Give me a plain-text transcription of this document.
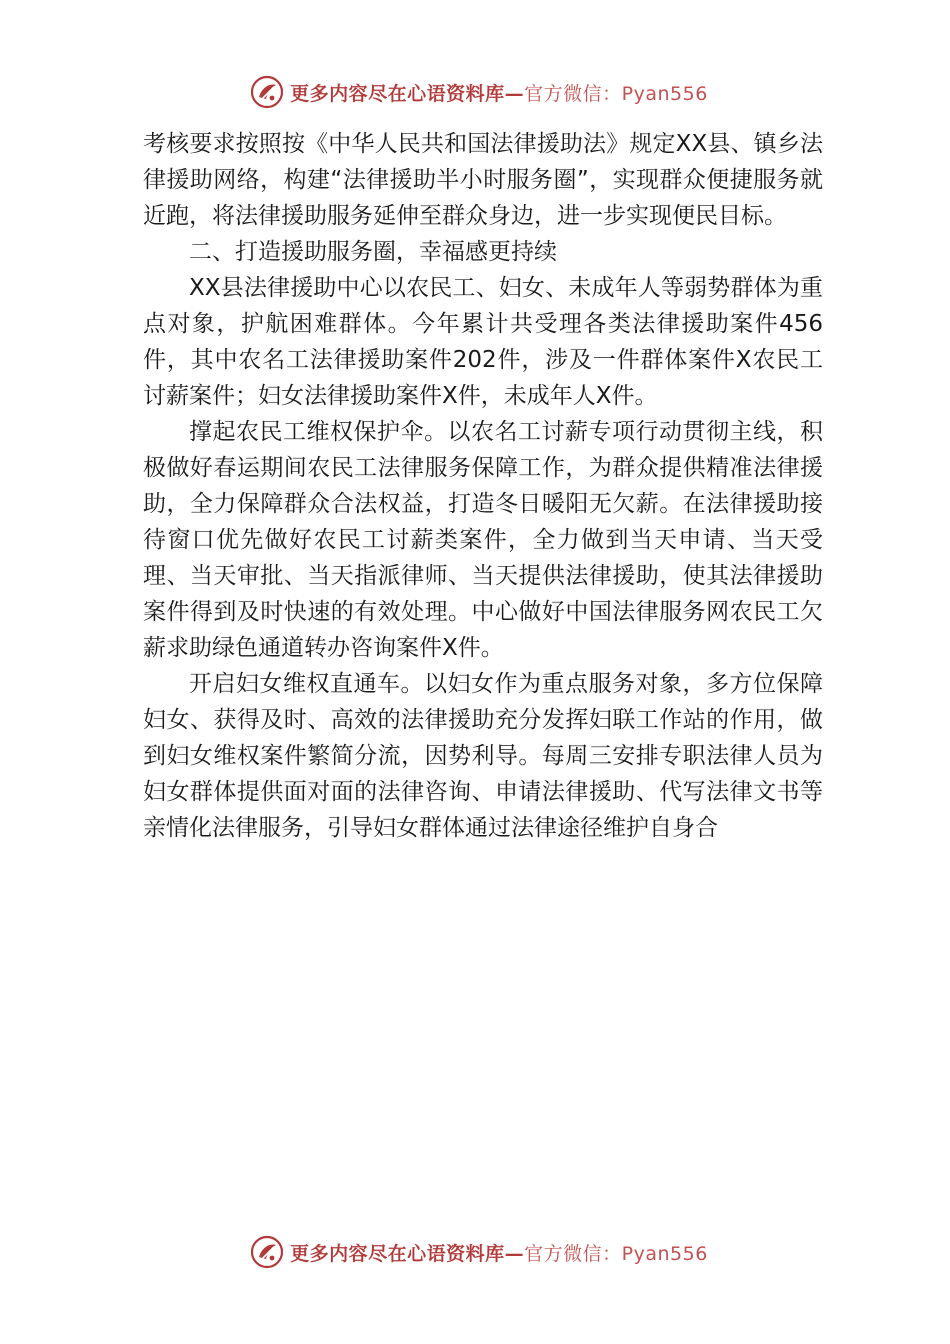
更多内容尽在心语资料库—官方微信：Pyan556

考核要求按照按《中华人民共和国法律援助法》规定XX县、镇乡法律援助网络，构建“法律援助半小时服务圈”，实现群众便捷服务就近跑，将法律援助服务延伸至群众身边，进一步实现便民目标。

二、打造援助服务圈，幸福感更持续

XX县法律援助中心以农民工、妇女、未成年人等弱势群体为重点对象，护航困难群体。今年累计共受理各类法律援助案件456件，其中农名工法律援助案件202件，涉及一件群体案件X农民工讨薪案件；妇女法律援助案件X件，未成年人X件。

撑起农民工维权保护伞。以农名工讨薪专项行动贯彻主线，积极做好春运期间农民工法律服务保障工作，为群众提供精准法律援助，全力保障群众合法权益，打造冬日暖阳无欠薪。在法律援助接待窗口优先做好农民工讨薪类案件，全力做到当天申请、当天受理、当天审批、当天指派律师、当天提供法律援助，使其法律援助案件得到及时快速的有效处理。中心做好中国法律服务网农民工欠薪求助绿色通道转办咨询案件X件。

开启妇女维权直通车。以妇女作为重点服务对象，多方位保障妇女、获得及时、高效的法律援助充分发挥妇联工作站的作用，做到妇女维权案件繁简分流，因势利导。每周三安排专职法律人员为妇女群体提供面对面的法律咨询、申请法律援助、代写法律文书等亲情化法律服务，引导妇女群体通过法律途径维护自身合

更多内容尽在心语资料库—官方微信：Pyan556
